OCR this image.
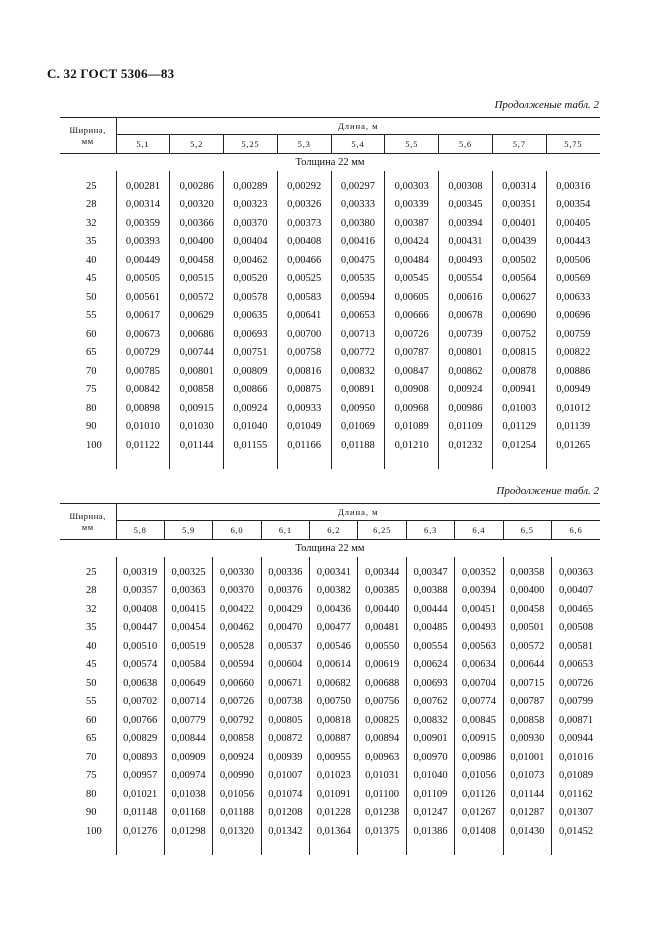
С. 32 ГОСТ 5306—83
Продолженые табл. 2
Ширина,
мм	Длина, м								
	5,1	5,2	5,25	5,3	5,4	5,5	5,6	5,7	5,75
Толщина 22 мм									

25	0,00281	0,00286	0,00289	0,00292	0,00297	0,00303	0,00308	0,00314	0,00316
28	0,00314	0,00320	0,00323	0,00326	0,00333	0,00339	0,00345	0,00351	0,00354
32	0,00359	0,00366	0,00370	0,00373	0,00380	0,00387	0,00394	0,00401	0,00405
35	0,00393	0,00400	0,00404	0,00408	0,00416	0,00424	0,00431	0,00439	0,00443
40	0,00449	0,00458	0,00462	0,00466	0,00475	0,00484	0,00493	0,00502	0,00506
45	0,00505	0,00515	0,00520	0,00525	0,00535	0,00545	0,00554	0,00564	0,00569
50	0,00561	0,00572	0,00578	0,00583	0,00594	0,00605	0,00616	0,00627	0,00633
55	0,00617	0,00629	0,00635	0,00641	0,00653	0,00666	0,00678	0,00690	0,00696
60	0,00673	0,00686	0,00693	0,00700	0,00713	0,00726	0,00739	0,00752	0,00759
65	0,00729	0,00744	0,00751	0,00758	0,00772	0,00787	0,00801	0,00815	0,00822
70	0,00785	0,00801	0,00809	0,00816	0,00832	0,00847	0,00862	0,00878	0,00886
75	0,00842	0,00858	0,00866	0,00875	0,00891	0,00908	0,00924	0,00941	0,00949
80	0,00898	0,00915	0,00924	0,00933	0,00950	0,00968	0,00986	0,01003	0,01012
90	0,01010	0,01030	0,01040	0,01049	0,01069	0,01089	0,01109	0,01129	0,01139
100	0,01122	0,01144	0,01155	0,01166	0,01188	0,01210	0,01232	0,01254	0,01265

Продолжение табл. 2
Ширина,
мм	Длина, м									
	5,8	5,9	6,0	6,1	6,2	6,25	6,3	6,4	6,5	6,6
Толщина 22 мм										

25	0,00319	0,00325	0,00330	0,00336	0,00341	0,00344	0,00347	0,00352	0,00358	0,00363
28	0,00357	0,00363	0,00370	0,00376	0,00382	0,00385	0,00388	0,00394	0,00400	0,00407
32	0,00408	0,00415	0,00422	0,00429	0,00436	0,00440	0,00444	0,00451	0,00458	0,00465
35	0,00447	0,00454	0,00462	0,00470	0,00477	0,00481	0,00485	0,00493	0,00501	0,00508
40	0,00510	0,00519	0,00528	0,00537	0,00546	0,00550	0,00554	0,00563	0,00572	0,00581
45	0,00574	0,00584	0,00594	0,00604	0,00614	0,00619	0,00624	0,00634	0,00644	0,00653
50	0,00638	0,00649	0,00660	0,00671	0,00682	0,00688	0,00693	0,00704	0,00715	0,00726
55	0,00702	0,00714	0,00726	0,00738	0,00750	0,00756	0,00762	0,00774	0,00787	0,00799
60	0,00766	0,00779	0,00792	0,00805	0,00818	0,00825	0,00832	0,00845	0,00858	0,00871
65	0,00829	0,00844	0,00858	0,00872	0,00887	0,00894	0,00901	0,00915	0,00930	0,00944
70	0,00893	0,00909	0,00924	0,00939	0,00955	0,00963	0,00970	0,00986	0,01001	0,01016
75	0,00957	0,00974	0,00990	0,01007	0,01023	0,01031	0,01040	0,01056	0,01073	0,01089
80	0,01021	0,01038	0,01056	0,01074	0,01091	0,01100	0,01109	0,01126	0,01144	0,01162
90	0,01148	0,01168	0,01188	0,01208	0,01228	0,01238	0,01247	0,01267	0,01287	0,01307
100	0,01276	0,01298	0,01320	0,01342	0,01364	0,01375	0,01386	0,01408	0,01430	0,01452
